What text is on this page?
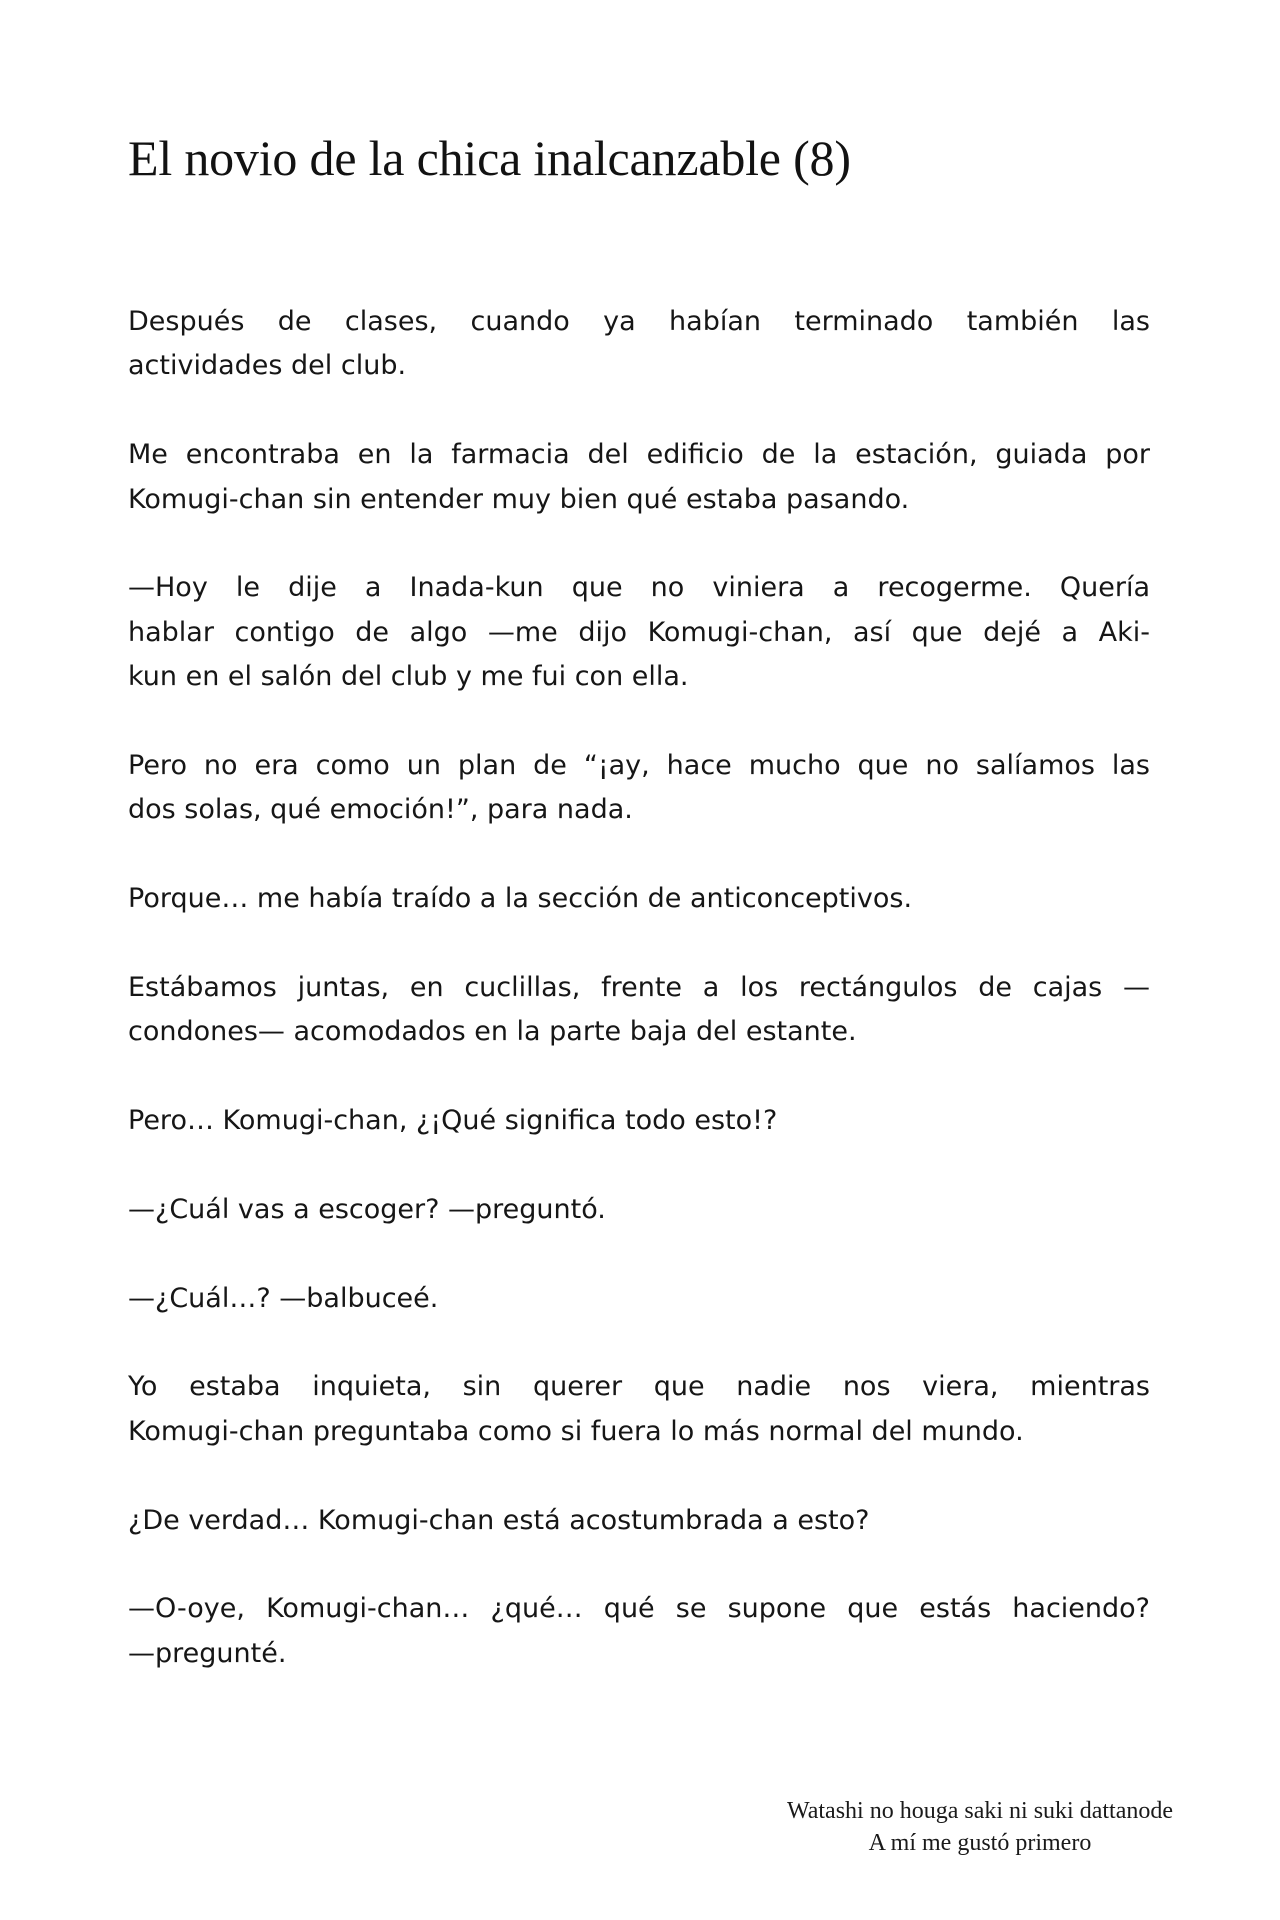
El novio de la chica inalcanzable (8)

Después de clases, cuando ya habían terminado también las
actividades del club.

Me encontraba en la farmacia del edificio de la estación, guiada por
Komugi-chan sin entender muy bien qué estaba pasando.

—Hoy le dije a Inada-kun que no viniera a recogerme. Quería
hablar contigo de algo —me dijo Komugi-chan, así que dejé a Aki-
kun en el salón del club y me fui con ella.

Pero no era como un plan de “¡ay, hace mucho que no salíamos las
dos solas, qué emoción!”, para nada.

Porque… me había traído a la sección de anticonceptivos.

Estábamos juntas, en cuclillas, frente a los rectángulos de cajas —
condones— acomodados en la parte baja del estante.

Pero… Komugi-chan, ¿¡Qué significa todo esto!?

—¿Cuál vas a escoger? —preguntó.

—¿Cuál…? —balbuceé.

Yo estaba inquieta, sin querer que nadie nos viera, mientras
Komugi-chan preguntaba como si fuera lo más normal del mundo.

¿De verdad… Komugi-chan está acostumbrada a esto?

—O-oye, Komugi-chan… ¿qué… qué se supone que estás haciendo?
—pregunté.

Watashi no houga saki ni suki dattanode
A mí me gustó primero
